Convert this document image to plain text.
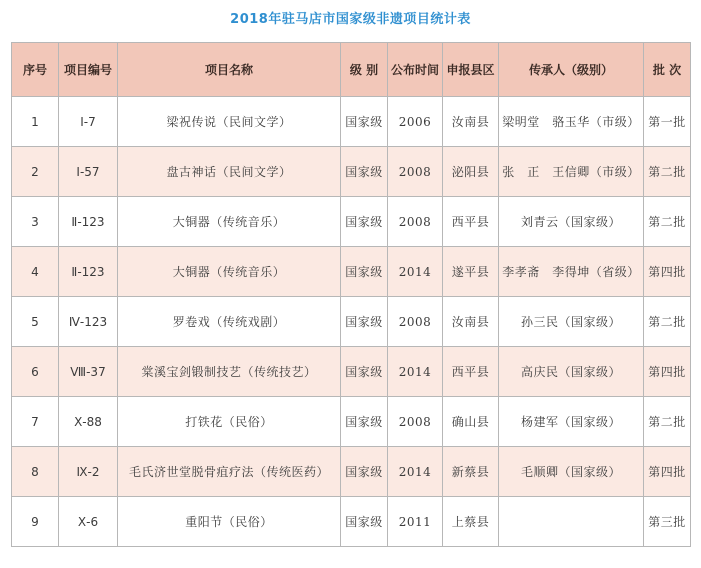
2018年驻马店市国家级非遗项目统计表
序号	项目编号	项目名称	级 别	公布时间	申报县区	传承人（级别）	批 次
1	Ⅰ-7	梁祝传说（民间文学）	国家级	2006	汝南县	梁明堂　骆玉华（市级）	第一批
2	Ⅰ-57	盘古神话（民间文学）	国家级	2008	泌阳县	张　正　王信卿（市级）	第二批
3	Ⅱ-123	大铜器（传统音乐）	国家级	2008	西平县	刘青云（国家级）	第二批
4	Ⅱ-123	大铜器（传统音乐）	国家级	2014	遂平县	李孝斋　李得坤（省级）	第四批
5	Ⅳ-123	罗卷戏（传统戏剧）	国家级	2008	汝南县	孙三民（国家级）	第二批
6	Ⅷ-37	棠溪宝剑锻制技艺（传统技艺）	国家级	2014	西平县	高庆民（国家级）	第四批
7	Ⅹ-88	打铁花（民俗）	国家级	2008	确山县	杨建军（国家级）	第二批
8	Ⅸ-2	毛氏济世堂脱骨疽疗法（传统医药）	国家级	2014	新蔡县	毛顺卿（国家级）	第四批
9	Ⅹ-6	重阳节（民俗）	国家级	2011	上蔡县		第三批
